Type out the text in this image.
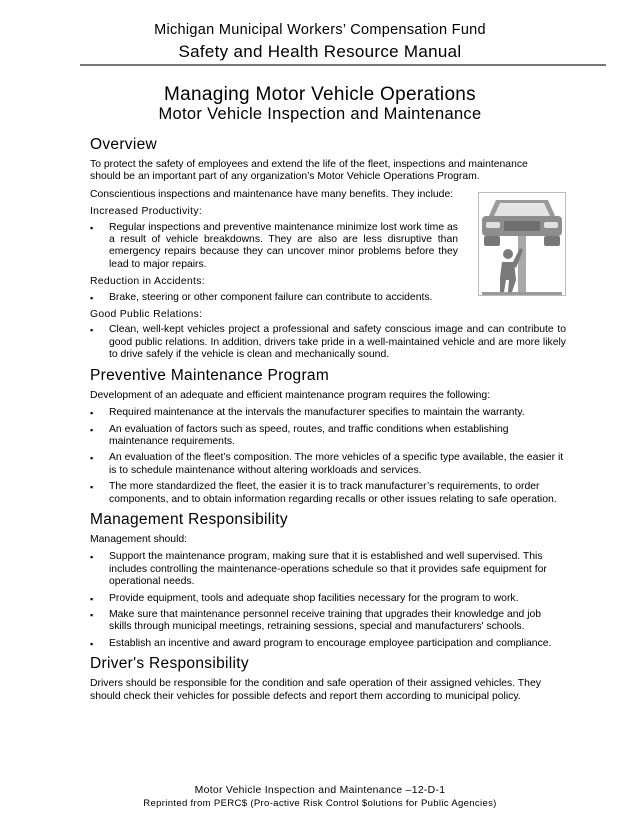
Michigan Municipal Workers’ Compensation Fund
Safety and Health Resource Manual
Managing Motor Vehicle Operations
Motor Vehicle Inspection and Maintenance
Overview

To protect the safety of employees and extend the life of the fleet, inspections and maintenance should be an important part of any organization’s Motor Vehicle Operations Program.

Conscientious inspections and maintenance have many benefits. They include:

Increased Productivity:
▪ Regular inspections and preventive maintenance minimize lost work time as a result of vehicle breakdowns. They are also are less disruptive than emergency repairs because they can uncover minor problems before they lead to major repairs.
Reduction in Accidents:
▪ Brake, steering or other component failure can contribute to accidents.
Good Public Relations:
▪ Clean, well-kept vehicles project a professional and safety conscious image and can contribute to good public relations. In addition, drivers take pride in a well-maintained vehicle and are more likely to drive safely if the vehicle is clean and mechanically sound.
Preventive Maintenance Program

Development of an adequate and efficient maintenance program requires the following:

▪ Required maintenance at the intervals the manufacturer specifies to maintain the warranty.
▪ An evaluation of factors such as speed, routes, and traffic conditions when establishing maintenance requirements.
▪ An evaluation of the fleet’s composition. The more vehicles of a specific type available, the easier it is to schedule maintenance without altering workloads and services.
▪ The more standardized the fleet, the easier it is to track manufacturer’s requirements, to order components, and to obtain information regarding recalls or other issues relating to safe operation.
Management Responsibility

Management should:

▪ Support the maintenance program, making sure that it is established and well supervised. This includes controlling the maintenance-operations schedule so that it provides safe equipment for operational needs.
▪ Provide equipment, tools and adequate shop facilities necessary for the program to work.
▪ Make sure that maintenance personnel receive training that upgrades their knowledge and job skills through municipal meetings, retraining sessions, special and manufacturers' schools.
▪ Establish an incentive and award program to encourage employee participation and compliance.
Driver's Responsibility

Drivers should be responsible for the condition and safe operation of their assigned vehicles. They should check their vehicles for possible defects and report them according to municipal policy.

Motor Vehicle Inspection and Maintenance –12-D-1
Reprinted from PERC$ (Pro-active Risk Control $olutions for Public Agencies)
